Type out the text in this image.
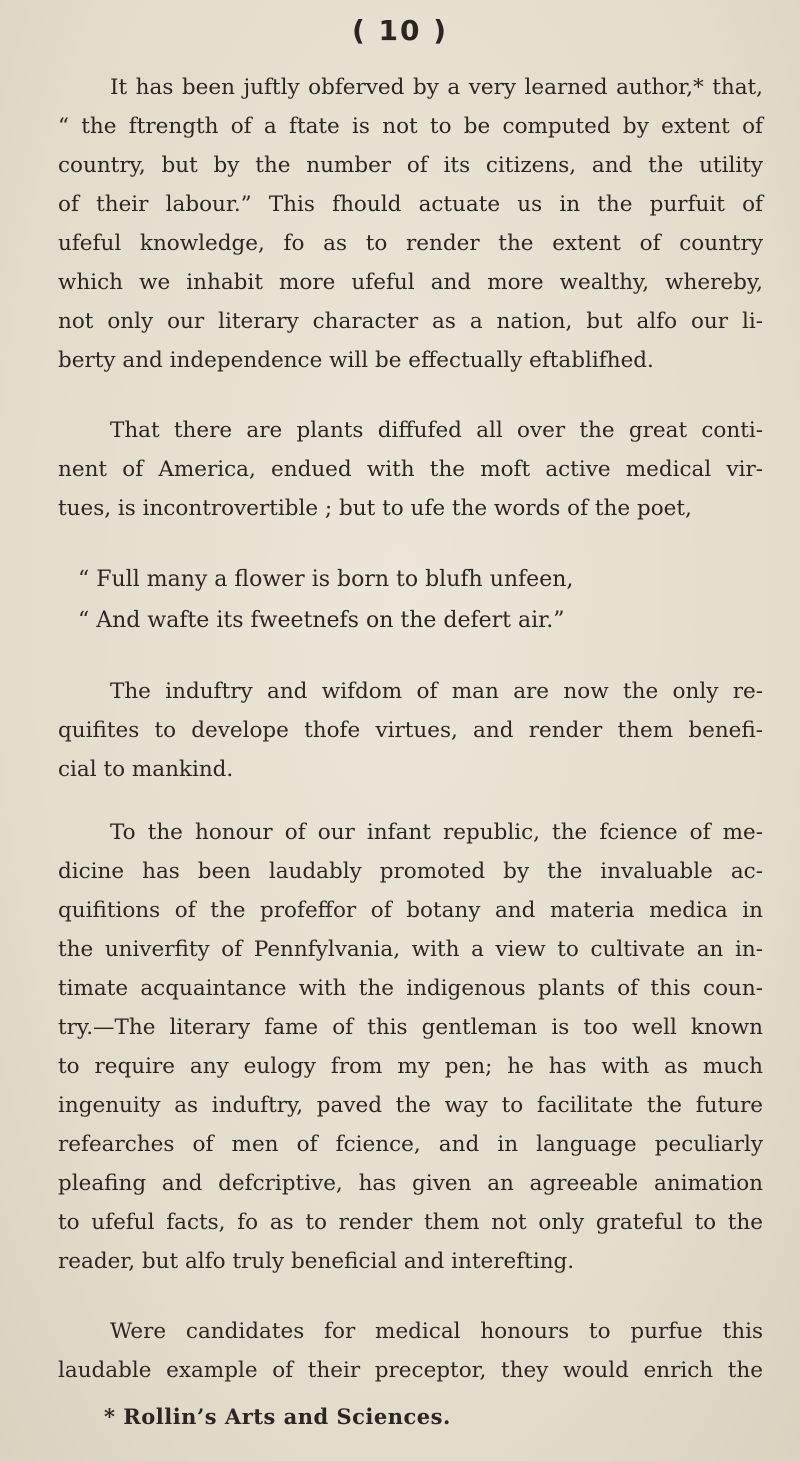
( 10 )
It has been juftly obferved by a very learned author,* that,
“ the ftrength of a ftate is not to be computed by extent of
country, but by the number of its citizens, and the utility
of their labour.” This fhould actuate us in the purfuit of
ufeful knowledge, fo as to render the extent of country
which we inhabit more ufeful and more wealthy, whereby,
not only our literary character as a nation, but alfo our li-
berty and independence will be effectually eftablifhed.
That there are plants diffufed all over the great conti-
nent of America, endued with the moft active medical vir-
tues, is incontrovertible ; but to ufe the words of the poet,
“ Full many a flower is born to blufh unfeen,
“ And wafte its fweetnefs on the defert air.”
The induftry and wifdom of man are now the only re-
quifites to develope thofe virtues, and render them benefi-
cial to mankind.
To the honour of our infant republic, the fcience of me-
dicine has been laudably promoted by the invaluable ac-
quifitions of the profeffor of botany and materia medica in
the univerfity of Pennfylvania, with a view to cultivate an in-
timate acquaintance with the indigenous plants of this coun-
try.—The literary fame of this gentleman is too well known
to require any eulogy from my pen; he has with as much
ingenuity as induftry, paved the way to facilitate the future
refearches of men of fcience, and in language peculiarly
pleafing and defcriptive, has given an agreeable animation
to ufeful facts, fo as to render them not only grateful to the
reader, but alfo truly beneficial and interefting.
Were candidates for medical honours to purfue this
laudable example of their preceptor, they would enrich the
* Rollin’s Arts and Sciences.
